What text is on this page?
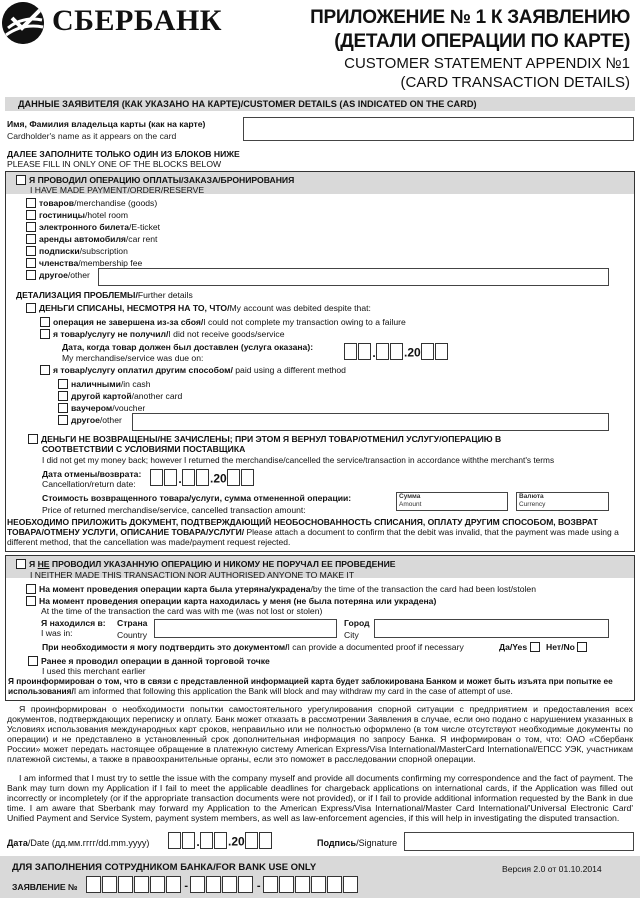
СБЕРБАНК	ПРИЛОЖЕНИЕ № 1 К ЗАЯВЛЕНИЮ
(ДЕТАЛИ ОПЕРАЦИИ ПО КАРТЕ)
CUSTOMER STATEMENT APPENDIX №1
(CARD TRANSACTION DETAILS)
ДАННЫЕ ЗАЯВИТЕЛЯ (КАК УКАЗАНО НА КАРТЕ)/CUSTOMER DETAILS (AS INDICATED ON THE CARD)
Имя, Фамилия владельца карты (как на карте)
Cardholder's name as it appears on the card
ДАЛЕЕ ЗАПОЛНИТЕ ТОЛЬКО ОДИН ИЗ БЛОКОВ НИЖЕ
PLEASE FILL IN ONLY ONE OF THE BLOCKS BELOW
Я ПРОВОДИЛ ОПЕРАЦИЮ ОПЛАТЫ/ЗАКАЗА/БРОНИРОВАНИЯ
I HAVE MADE PAYMENT/ORDER/RESERVE
товаров/merchandise (goods)
гостиницы/hotel room
электронного билета/E-ticket
аренды автомобиля/car rent
подписки/subscription
членства/membership fee
другое/other
ДЕТАЛИЗАЦИЯ ПРОБЛЕМЫ/Further details
ДЕНЬГИ СПИСАНЫ, НЕСМОТРЯ НА ТО, ЧТО/My account was debited despite that:
операция не завершена из-за сбоя/I could not complete my transaction owing to a failure
я товар/услугу не получил/I did not receive goods/service
Дата, когда товар должен был доставлен (услуга оказана):
My merchandise/service was due on:	. .20
я товар/услугу оплатил другим способом/ paid using a different method
наличными/in cash
другой картой/another card
ваучером/voucher
другое/other
ДЕНЬГИ НЕ ВОЗВРАЩЕНЫ/НЕ ЗАЧИСЛЕНЫ; ПРИ ЭТОМ Я ВЕРНУЛ ТОВАР/ОТМЕНИЛ УСЛУГУ/ОПЕРАЦИЮ В
СООТВЕТСТВИИ С УСЛОВИЯМИ ПОСТАВЩИКА
I did not get my money back; however I returned the merchandise/cancelled the service/transaction in accordance withthe merchant's terms
Дата отмены/возврата:
Cancellation/return date:	. .20
Стоимость возвращенного товара/услуги, сумма отмененной операции:
Price of returned merchandise/service, cancelled transaction amount:
Сумма
Amount
Валюта
Currency
НЕОБХОДИМО ПРИЛОЖИТЬ ДОКУМЕНТ, ПОДТВЕРЖДАЮЩИЙ НЕОБОСНОВАННОСТЬ СПИСАНИЯ, ОПЛАТУ ДРУГИМ СПОСОБОМ, ВОЗВРАТ ТОВАРА/ОТМЕНУ УСЛУГИ, ОПИСАНИЕ ТОВАРА/УСЛУГИ/ Please attach a document to confirm that the debit was invalid, that the payment was made using a different method, that the cancellation was made/payment request rejected.
Я НЕ ПРОВОДИЛ УКАЗАННУЮ ОПЕРАЦИЮ И НИКОМУ НЕ ПОРУЧАЛ ЕЕ ПРОВЕДЕНИЕ
I NEITHER MADE THIS TRANSACTION NOR AUTHORISED ANYONE TO MAKE IT
На момент проведения операции карта была утеряна/украдена/by the time of the transaction the card had been lost/stolen
На момент проведения операции карта находилась у меня (не была потеряна или украдена)
At the time of the transaction the card was with me (was not lost or stolen)
Я находился в:
I was in:
Страна
Country
Город
City
При необходимости я могу подтвердить это документом/I can provide a documented proof if necessary	Да/Yes	Нет/No
Ранее я проводил операции в данной торговой точке
I used this merchant earlier
Я проинформирован о том, что в связи с представленной информацией карта будет заблокирована Банком и может быть изъята при попытке ее использования/I am informed that following this application the Bank will block and may withdraw my card in the case of attempt of use.
Я проинформирован о необходимости попытки самостоятельного урегулирования спорной ситуации с предприятием и предоставления всех документов, подтверждающих переписку и оплату. Банк может отказать в рассмотрении Заявления в случае, если оно подано с нарушением указанных в Условиях использования международных карт сроков, неправильно или не полностью оформлено (в том числе отсутствуют необходимые документы по операции) и не представлено в установленный срок дополнительная информация по запросу Банка. Я информирован о том, что: ОАО «Сбербанк России» может передать настоящее обращение в платежную систему American Express/Visa International/MasterCard International/ЕПСС УЭК, участникам платежной системы, а также в правоохранительные органы, если это поможет в расследовании спорной операции.
I am informed that I must try to settle the issue with the company myself and provide all documents confirming my correspondence and the fact of payment. The Bank may turn down my Application if I fail to meet the applicable deadlines for chargeback applications on international cards, if the Application was filled out incorrectly or incompletely (or if the appropriate transaction documents were not provided), or if I fail to provide additional information requested by the Bank in due time. I am aware that Sberbank may forward my Application to the American Express/Visa International/Master Card International/'Universal Electronic Card' Unified Payment and Service System, payment system members, as well as law-enforcement agencies, if this will help in investigating the disputed transaction.
Дата/Date (дд.мм.гггг/dd.mm.yyyy)	. .20	Подпись/Signature
ДЛЯ ЗАПОЛНЕНИЯ СОТРУДНИКОМ БАНКА/FOR BANK USE ONLY	Версия 2.0 от 01.10.2014
ЗАЯВЛЕНИЕ №	-	-
